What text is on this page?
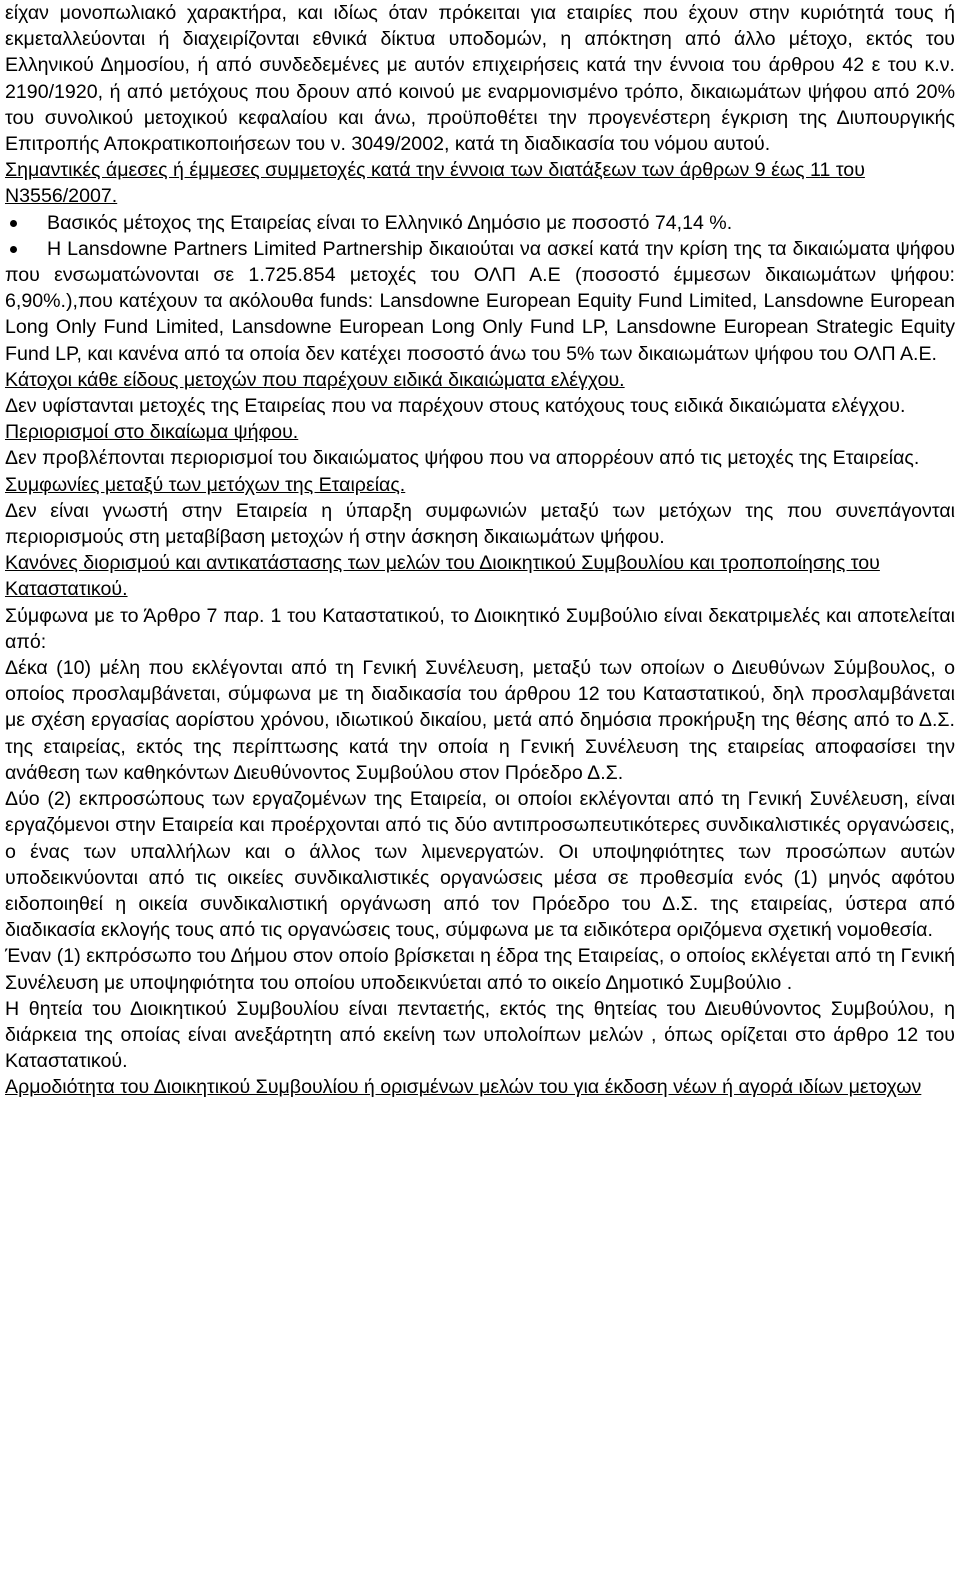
είχαν μονοπωλιακό χαρακτήρα, και ιδίως όταν πρόκειται για εταιρίες που έχουν στην κυριότητά τους ή εκμεταλλεύονται ή διαχειρίζονται εθνικά δίκτυα υποδομών, η απόκτηση από άλλο μέτοχο, εκτός του Ελληνικού Δημοσίου, ή από συνδεδεμένες με αυτόν επιχειρήσεις κατά την έννοια του άρθρου 42 ε του κ.ν. 2190/1920, ή από μετόχους που δρουν από κοινού με εναρμονισμένο τρόπο, δικαιωμάτων ψήφου από 20% του συνολικού μετοχικού κεφαλαίου και άνω, προϋποθέτει την προγενέστερη έγκριση της Διυπουργικής Επιτροπής Αποκρατικοποιήσεων του ν. 3049/2002, κατά τη διαδικασία του νόμου αυτού.

Σημαντικές άμεσες ή έμμεσες συμμετοχές κατά την έννοια των διατάξεων των άρθρων 9 έως 11 του Ν3556/2007.

Βασικός μέτοχος της Εταιρείας είναι το Ελληνικό Δημόσιο με ποσοστό 74,14 %.
Η Lansdowne Partners Limited Partnership δικαιούται να ασκεί κατά την κρίση της τα δικαιώματα ψήφου που ενσωματώνονται σε 1.725.854 μετοχές του ΟΛΠ Α.Ε (ποσοστό έμμεσων δικαιωμάτων ψήφου: 6,90%.),που κατέχουν τα ακόλουθα funds: Lansdowne European Equity Fund Limited, Lansdowne European Long Only Fund Limited, Lansdowne European Long Only Fund LP, Lansdowne European Strategic Equity Fund LP, και κανένα από τα οποία δεν κατέχει ποσοστό άνω του 5% των δικαιωμάτων ψήφου του ΟΛΠ Α.Ε.

Κάτοχοι κάθε είδους μετοχών που παρέχουν ειδικά δικαιώματα ελέγχου.

Δεν υφίστανται μετοχές της Εταιρείας που να παρέχουν στους κατόχους τους ειδικά δικαιώματα ελέγχου.

Περιορισμοί στο δικαίωμα ψήφου.

Δεν προβλέπονται περιορισμοί του δικαιώματος ψήφου που να απορρέουν από τις μετοχές της Εταιρείας.

Συμφωνίες μεταξύ των μετόχων της Εταιρείας.

Δεν είναι γνωστή στην Εταιρεία η ύπαρξη συμφωνιών μεταξύ των μετόχων της που συνεπάγονται περιορισμούς στη μεταβίβαση μετοχών ή στην άσκηση δικαιωμάτων ψήφου.

Κανόνες διορισμού και αντικατάστασης των μελών του Διοικητικού Συμβουλίου και τροποποίησης του Καταστατικού.

Σύμφωνα με το Άρθρο 7 παρ. 1 του Καταστατικού, το Διοικητικό Συμβούλιο είναι δεκατριμελές και αποτελείται από:

Δέκα (10) μέλη που εκλέγονται από τη Γενική Συνέλευση, μεταξύ των οποίων ο Διευθύνων Σύμβουλος, ο οποίος προσλαμβάνεται, σύμφωνα με τη διαδικασία του άρθρου 12 του Καταστατικού, δηλ προσλαμβάνεται με σχέση εργασίας αορίστου χρόνου, ιδιωτικού δικαίου, μετά από δημόσια προκήρυξη της θέσης από το Δ.Σ. της εταιρείας, εκτός της περίπτωσης κατά την οποία η Γενική Συνέλευση της εταιρείας αποφασίσει την ανάθεση των καθηκόντων Διευθύνοντος Συμβούλου στον Πρόεδρο Δ.Σ.

Δύο (2) εκπροσώπους των εργαζομένων της Εταιρεία, οι οποίοι εκλέγονται από τη Γενική Συνέλευση, είναι εργαζόμενοι στην Εταιρεία και προέρχονται από τις δύο αντιπροσωπευτικότερες συνδικαλιστικές οργανώσεις, ο ένας των υπαλλήλων και ο άλλος των λιμενεργατών. Οι υποψηφιότητες των προσώπων αυτών υποδεικνύονται από τις οικείες συνδικαλιστικές οργανώσεις μέσα σε προθεσμία ενός (1) μηνός αφότου ειδοποιηθεί η οικεία συνδικαλιστική οργάνωση από τον Πρόεδρο του Δ.Σ. της εταιρείας, ύστερα από διαδικασία εκλογής τους από τις οργανώσεις τους, σύμφωνα με τα ειδικότερα οριζόμενα σχετική νομοθεσία.

Έναν (1) εκπρόσωπο του Δήμου στον οποίο βρίσκεται η έδρα της Εταιρείας, ο οποίος εκλέγεται από τη Γενική Συνέλευση με υποψηφιότητα του οποίου υποδεικνύεται από το οικείο Δημοτικό Συμβούλιο .

Η θητεία του Διοικητικού Συμβουλίου είναι πενταετής, εκτός της θητείας του Διευθύνοντος Συμβούλου, η διάρκεια της οποίας είναι ανεξάρτητη από εκείνη των υπολοίπων μελών , όπως ορίζεται στο άρθρο 12 του Καταστατικού.

Αρμοδιότητα του Διοικητικού Συμβουλίου ή ορισμένων μελών του για έκδοση νέων ή αγορά ιδίων μετοχων
